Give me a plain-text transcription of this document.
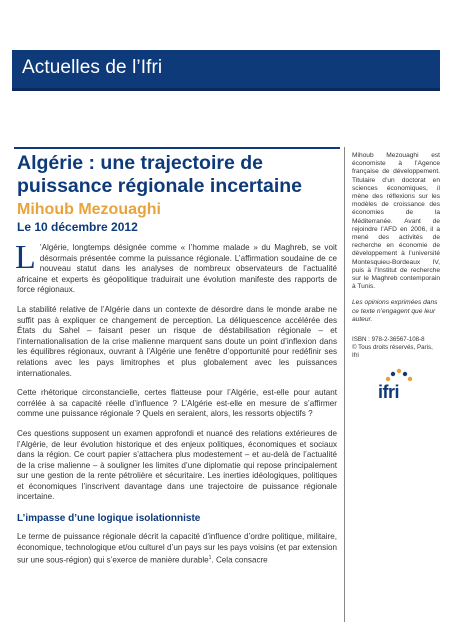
Actuelles de l’Ifri
Algérie : une trajectoire de
puissance régionale incertaine
Mihoub Mezouaghi
Le 10 décembre 2012
L ’Algérie, longtemps désignée comme « l’homme malade » du Maghreb, se voit désormais présentée comme la puissance régionale. L’affirmation soudaine de ce nouveau statut dans les analyses de nombreux observateurs de l’actualité africaine et experts ès géopolitique traduirait une évolution manifeste des rapports de force régionaux.

La stabilité relative de l’Algérie dans un contexte de désordre dans le monde arabe ne suffit pas à expliquer ce changement de perception. La déliquescence accélérée des États du Sahel – faisant peser un risque de déstabilisation régionale – et l’internationalisation de la crise malienne marquent sans doute un point d’inflexion dans les équilibres régionaux, ouvrant à l’Algérie une fenêtre d’opportunité pour redéfinir ses relations avec les pays limitrophes et plus globalement avec les puissances internationales.

Cette rhétorique circonstancielle, certes flatteuse pour l’Algérie, est-elle pour autant corrélée à sa capacité réelle d’influence ? L’Algérie est-elle en mesure de s’affirmer comme une puissance régionale ? Quels en seraient, alors, les ressorts objectifs ?

Ces questions supposent un examen approfondi et nuancé des relations extérieures de l’Algérie, de leur évolution historique et des enjeux politiques, économiques et sociaux dans la région. Ce court papier s’attachera plus modestement – et au-delà de l’actualité de la crise malienne – à souligner les limites d’une diplomatie qui repose principalement sur une gestion de la rente pétrolière et sécuritaire. Les inerties idéologiques, politiques et économiques l’inscrivent davantage dans une trajectoire de puissance régionale incertaine.

L’impasse d’une logique isolationniste

Le terme de puissance régionale décrit la capacité d’influence d’ordre politique, militaire, économique, technologique et/ou culturel d’un pays sur les pays voisins (et par extension sur une sous-région) qui s’exerce de manière durable$^1$. Cela consacre

Mihoub Mezouaghi est économiste à l’Agence française de développement. Titulaire d’un doctorat en sciences économiques, il mène des réflexions sur les modèles de croissance des économies de la Méditerranée. Avant de rejoindre l’AFD en 2006, il a mené des activités de recherche en économie de développement à l’université Montesquieu-Bordeaux IV, puis à l’Institut de recherche sur le Maghreb contemporain à Tunis.

Les opinions exprimées dans ce texte n’engagent que leur auteur.
ISBN : 978-2-36567-108-8
© Tous droits réservés, Paris, Ifri
ifri
